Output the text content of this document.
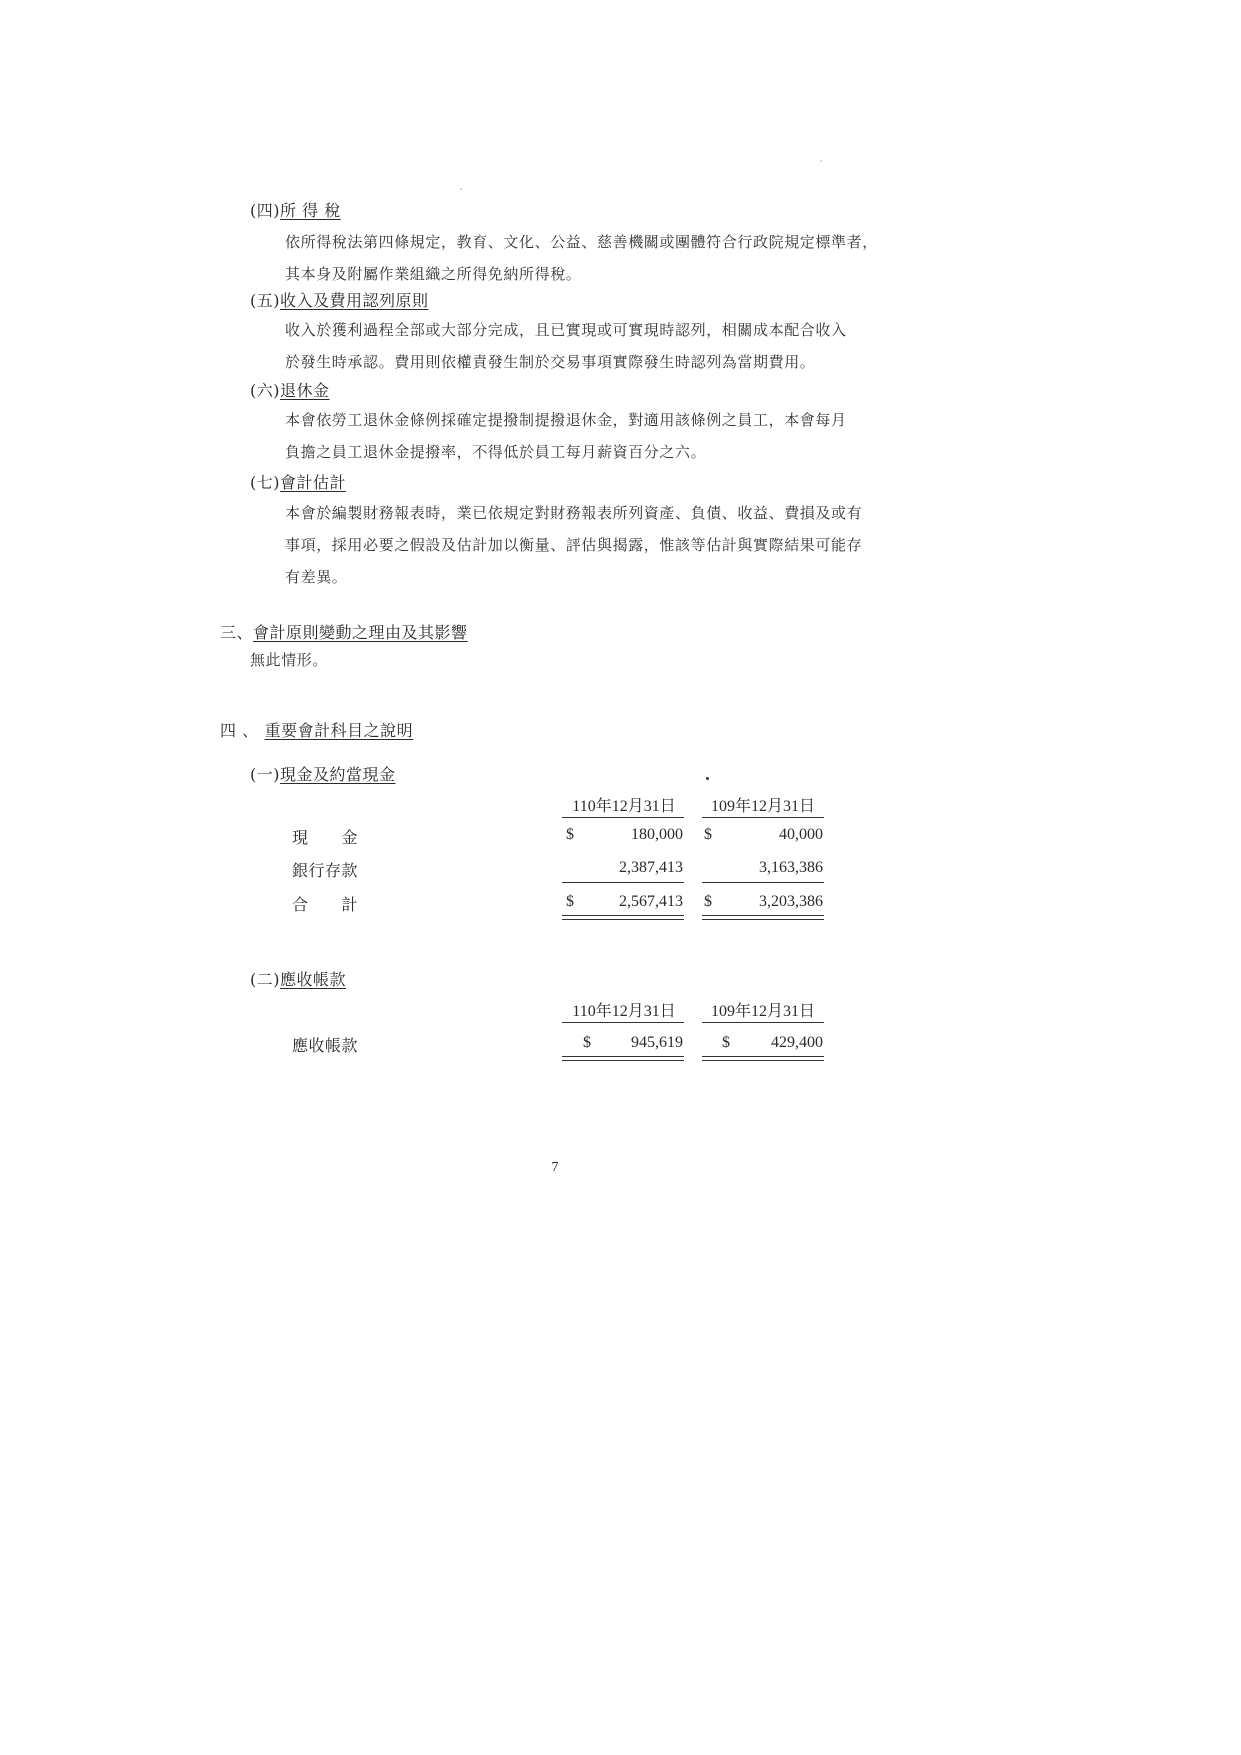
(四)所 得 稅
依所得稅法第四條規定，教育、文化、公益、慈善機關或團體符合行政院規定標準者，
其本身及附屬作業組織之所得免納所得稅。
(五)收入及費用認列原則
收入於獲利過程全部或大部分完成，且已實現或可實現時認列，相關成本配合收入
於發生時承認。費用則依權責發生制於交易事項實際發生時認列為當期費用。
(六)退休金
本會依勞工退休金條例採確定提撥制提撥退休金，對適用該條例之員工，本會每月
負擔之員工退休金提撥率，不得低於員工每月薪資百分之六。
(七)會計估計
本會於編製財務報表時，業已依規定對財務報表所列資產、負債、收益、費損及或有
事項，採用必要之假設及估計加以衡量、評估與揭露，惟該等估計與實際結果可能存
有差異。
三、會計原則變動之理由及其影響
無此情形。
四 、 重要會計科目之說明
(一)現金及約當現金
110年12月31日	109年12月31日
現　　金	$	180,000 $	40,000
銀行存款	2,387,413	3,163,386
合　　計	$	2,567,413 $	3,203,386
(二)應收帳款
110年12月31日	109年12月31日
應收帳款	$	945,619 $	429,400
7
